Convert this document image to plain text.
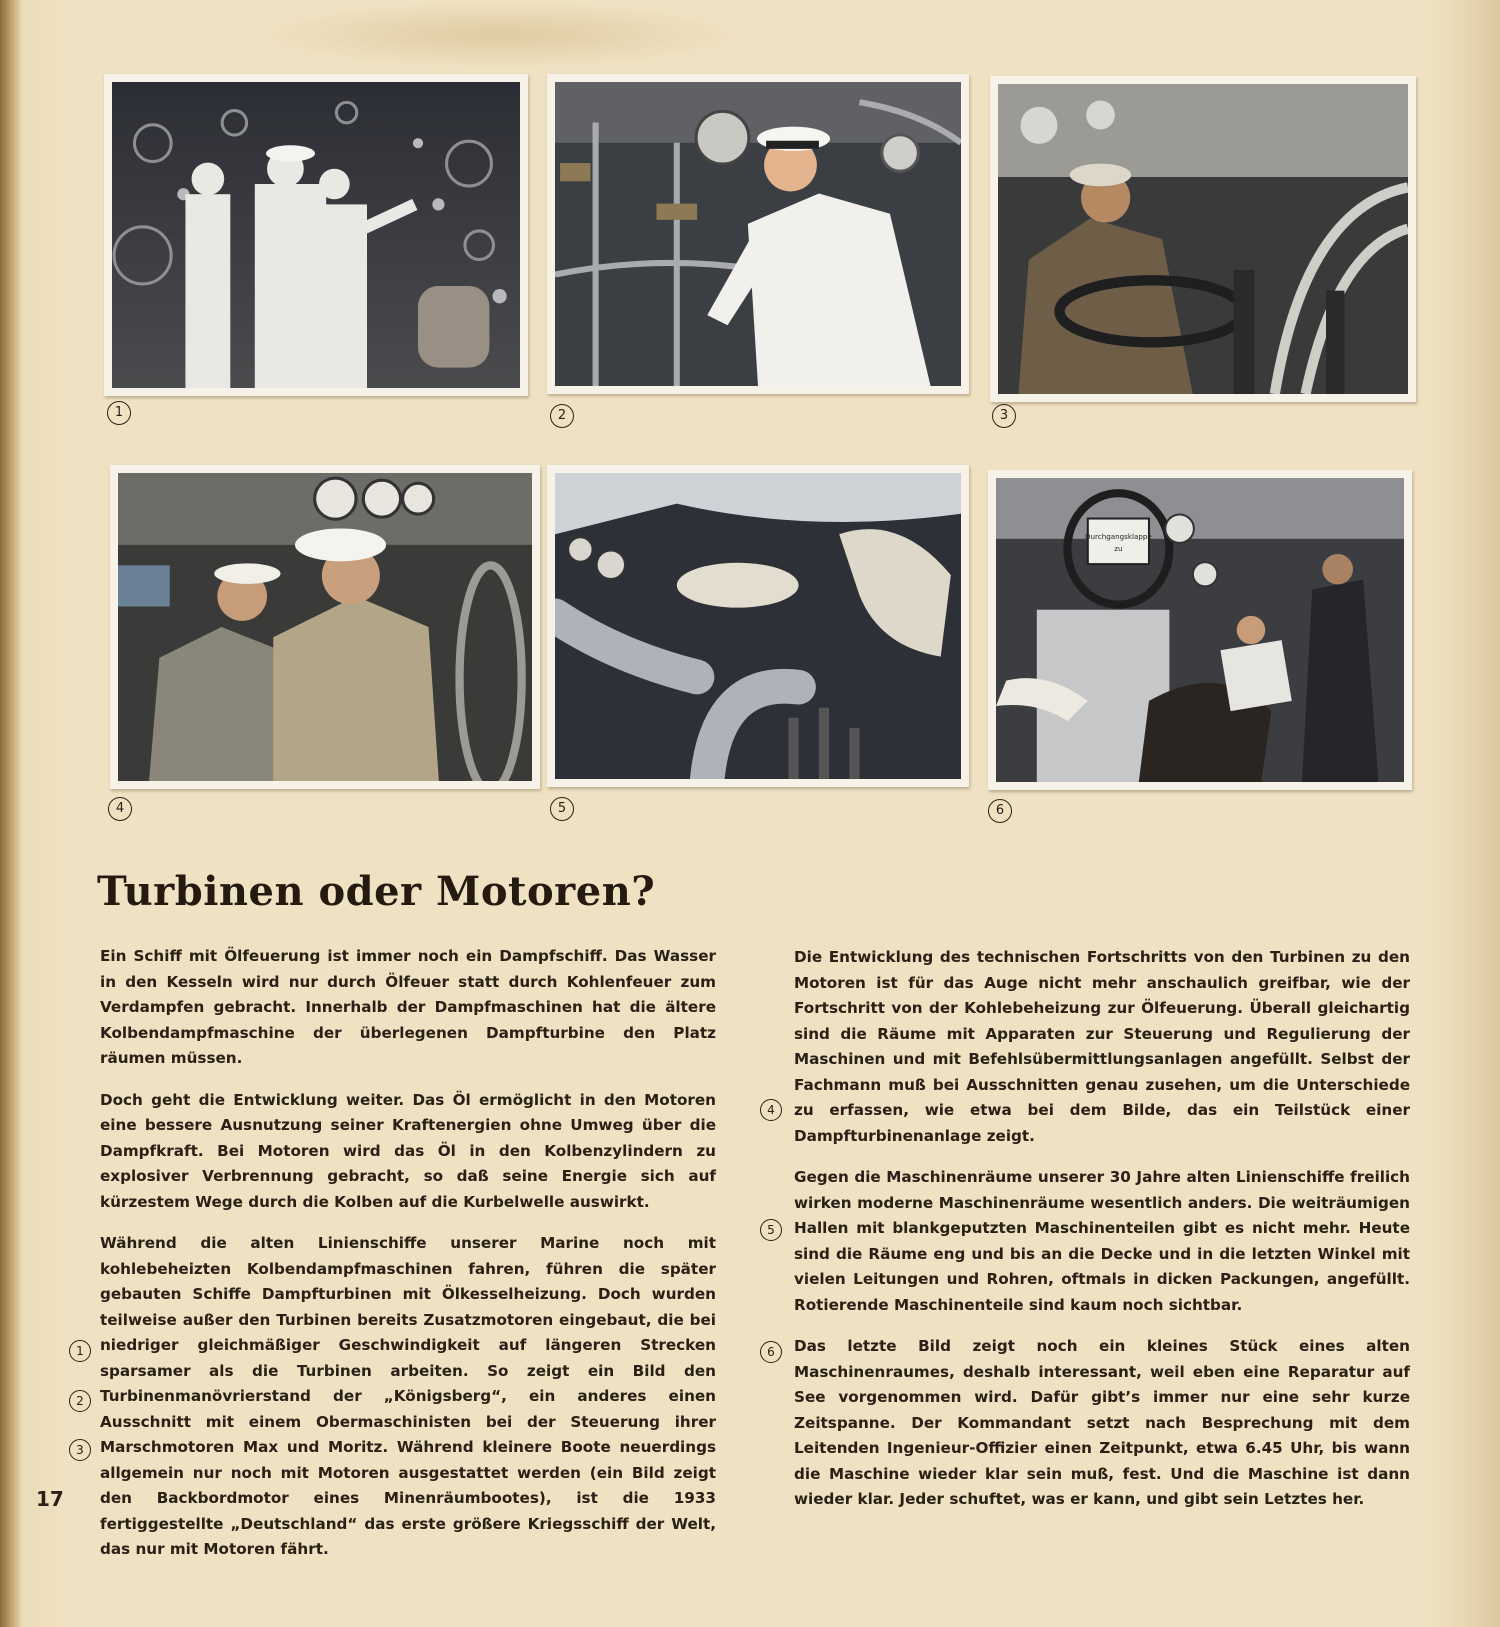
1	2	3
4	5
Durchgangsklappe
zu
6
Turbinen oder Motoren?

Ein Schiff mit Ölfeuerung ist immer noch ein Dampfschiff. Das Wasser in den Kesseln wird nur durch Ölfeuer statt durch Kohlenfeuer zum Verdampfen gebracht. Innerhalb der Dampfmaschinen hat die ältere Kolbendampfmaschine der überlegenen Dampfturbine den Platz räumen müssen.

Doch geht die Entwicklung weiter. Das Öl ermöglicht in den Motoren eine bessere Ausnutzung seiner Kraftenergien ohne Umweg über die Dampfkraft. Bei Motoren wird das Öl in den Kolbenzylindern zu explosiver Verbrennung gebracht, so daß seine Energie sich auf kürzestem Wege durch die Kolben auf die Kurbelwelle auswirkt.

Während die alten Linienschiffe unserer Marine noch mit kohlebeheizten Kolbendampfmaschinen fahren, führen die später gebauten Schiffe Dampfturbinen mit Ölkesselheizung. Doch wurden teilweise außer den Turbinen bereits Zusatzmotoren eingebaut, die bei niedriger gleichmäßiger Geschwindigkeit auf längeren Strecken sparsamer als die Turbinen arbeiten. So zeigt ein Bild den Turbinenmanövrierstand der „Königsberg“, ein anderes einen Ausschnitt mit einem Obermaschinisten bei der Steuerung ihrer Marschmotoren Max und Moritz. Während kleinere Boote neuerdings allgemein nur noch mit Motoren ausgestattet werden (ein Bild zeigt den Backbordmotor eines Minenräumbootes), ist die 1933 fertiggestellte „Deutschland“ das erste größere Kriegsschiff der Welt, das nur mit Motoren fährt.

1
2
3

Die Entwicklung des technischen Fortschritts von den Turbinen zu den Motoren ist für das Auge nicht mehr anschaulich greifbar, wie der Fortschritt von der Kohlebeheizung zur Ölfeuerung. Überall gleichartig sind die Räume mit Apparaten zur Steuerung und Regulierung der Maschinen und mit Befehlsübermittlungsanlagen angefüllt. Selbst der Fachmann muß bei Ausschnitten genau zusehen, um die Unterschiede zu erfassen, wie etwa bei dem Bilde, das ein Teilstück einer Dampfturbinenanlage zeigt.

Gegen die Maschinenräume unserer 30 Jahre alten Linienschiffe freilich wirken moderne Maschinenräume wesentlich anders. Die weiträumigen Hallen mit blankgeputzten Maschinenteilen gibt es nicht mehr. Heute sind die Räume eng und bis an die Decke und in die letzten Winkel mit vielen Leitungen und Rohren, oftmals in dicken Packungen, angefüllt. Rotierende Maschinenteile sind kaum noch sichtbar.

Das letzte Bild zeigt noch ein kleines Stück eines alten Maschinenraumes, deshalb interessant, weil eben eine Reparatur auf See vorgenommen wird. Dafür gibt’s immer nur eine sehr kurze Zeitspanne. Der Kommandant setzt nach Besprechung mit dem Leitenden Ingenieur-Offizier einen Zeitpunkt, etwa 6.45 Uhr, bis wann die Maschine wieder klar sein muß, fest. Und die Maschine ist dann wieder klar. Jeder schuftet, was er kann, und gibt sein Letztes her.

4
5
6
17
